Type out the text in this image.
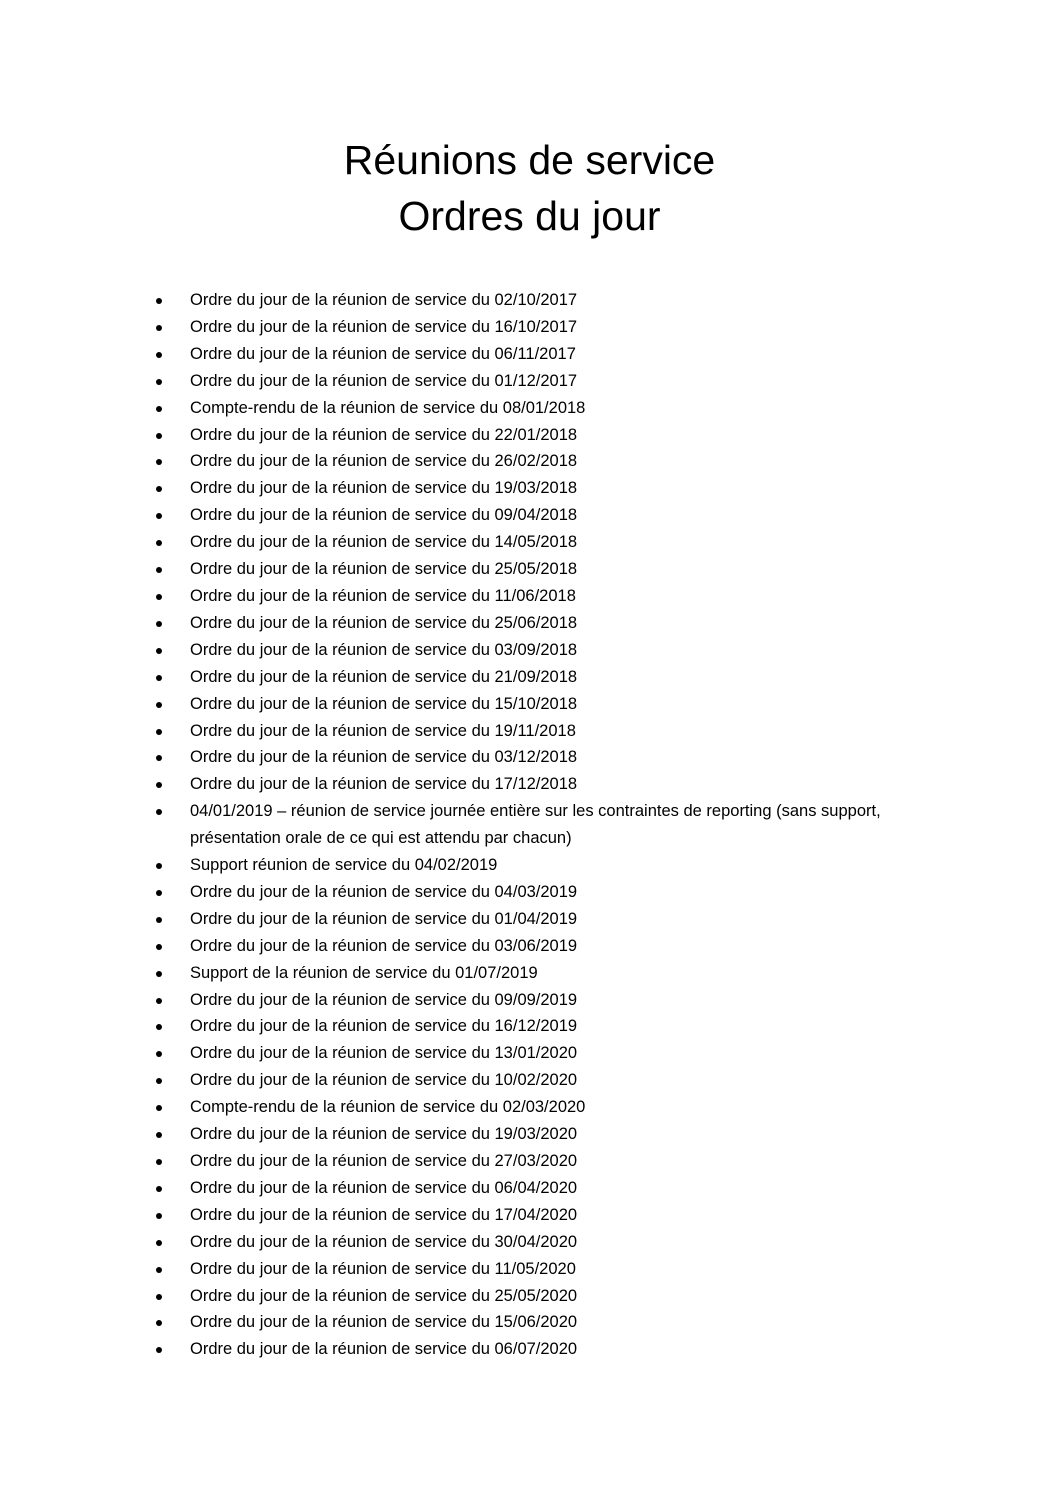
Réunions de service
Ordres du jour
Ordre du jour de la réunion de service du 02/10/2017
Ordre du jour de la réunion de service du 16/10/2017
Ordre du jour de la réunion de service du 06/11/2017
Ordre du jour de la réunion de service du 01/12/2017
Compte-rendu de la réunion de service du 08/01/2018
Ordre du jour de la réunion de service du 22/01/2018
Ordre du jour de la réunion de service du 26/02/2018
Ordre du jour de la réunion de service du 19/03/2018
Ordre du jour de la réunion de service du 09/04/2018
Ordre du jour de la réunion de service du 14/05/2018
Ordre du jour de la réunion de service du 25/05/2018
Ordre du jour de la réunion de service du 11/06/2018
Ordre du jour de la réunion de service du 25/06/2018
Ordre du jour de la réunion de service du 03/09/2018
Ordre du jour de la réunion de service du 21/09/2018
Ordre du jour de la réunion de service du 15/10/2018
Ordre du jour de la réunion de service du 19/11/2018
Ordre du jour de la réunion de service du 03/12/2018
Ordre du jour de la réunion de service du 17/12/2018
04/01/2019 – réunion de service journée entière sur les contraintes de reporting (sans support, présentation orale de ce qui est attendu par chacun)
Support réunion de service du 04/02/2019
Ordre du jour de la réunion de service du 04/03/2019
Ordre du jour de la réunion de service du 01/04/2019
Ordre du jour de la réunion de service du 03/06/2019
Support de la réunion de service du 01/07/2019
Ordre du jour de la réunion de service du 09/09/2019
Ordre du jour de la réunion de service du 16/12/2019
Ordre du jour de la réunion de service du 13/01/2020
Ordre du jour de la réunion de service du 10/02/2020
Compte-rendu de la réunion de service du 02/03/2020
Ordre du jour de la réunion de service du 19/03/2020
Ordre du jour de la réunion de service du 27/03/2020
Ordre du jour de la réunion de service du 06/04/2020
Ordre du jour de la réunion de service du 17/04/2020
Ordre du jour de la réunion de service du 30/04/2020
Ordre du jour de la réunion de service du 11/05/2020
Ordre du jour de la réunion de service du 25/05/2020
Ordre du jour de la réunion de service du 15/06/2020
Ordre du jour de la réunion de service du 06/07/2020
